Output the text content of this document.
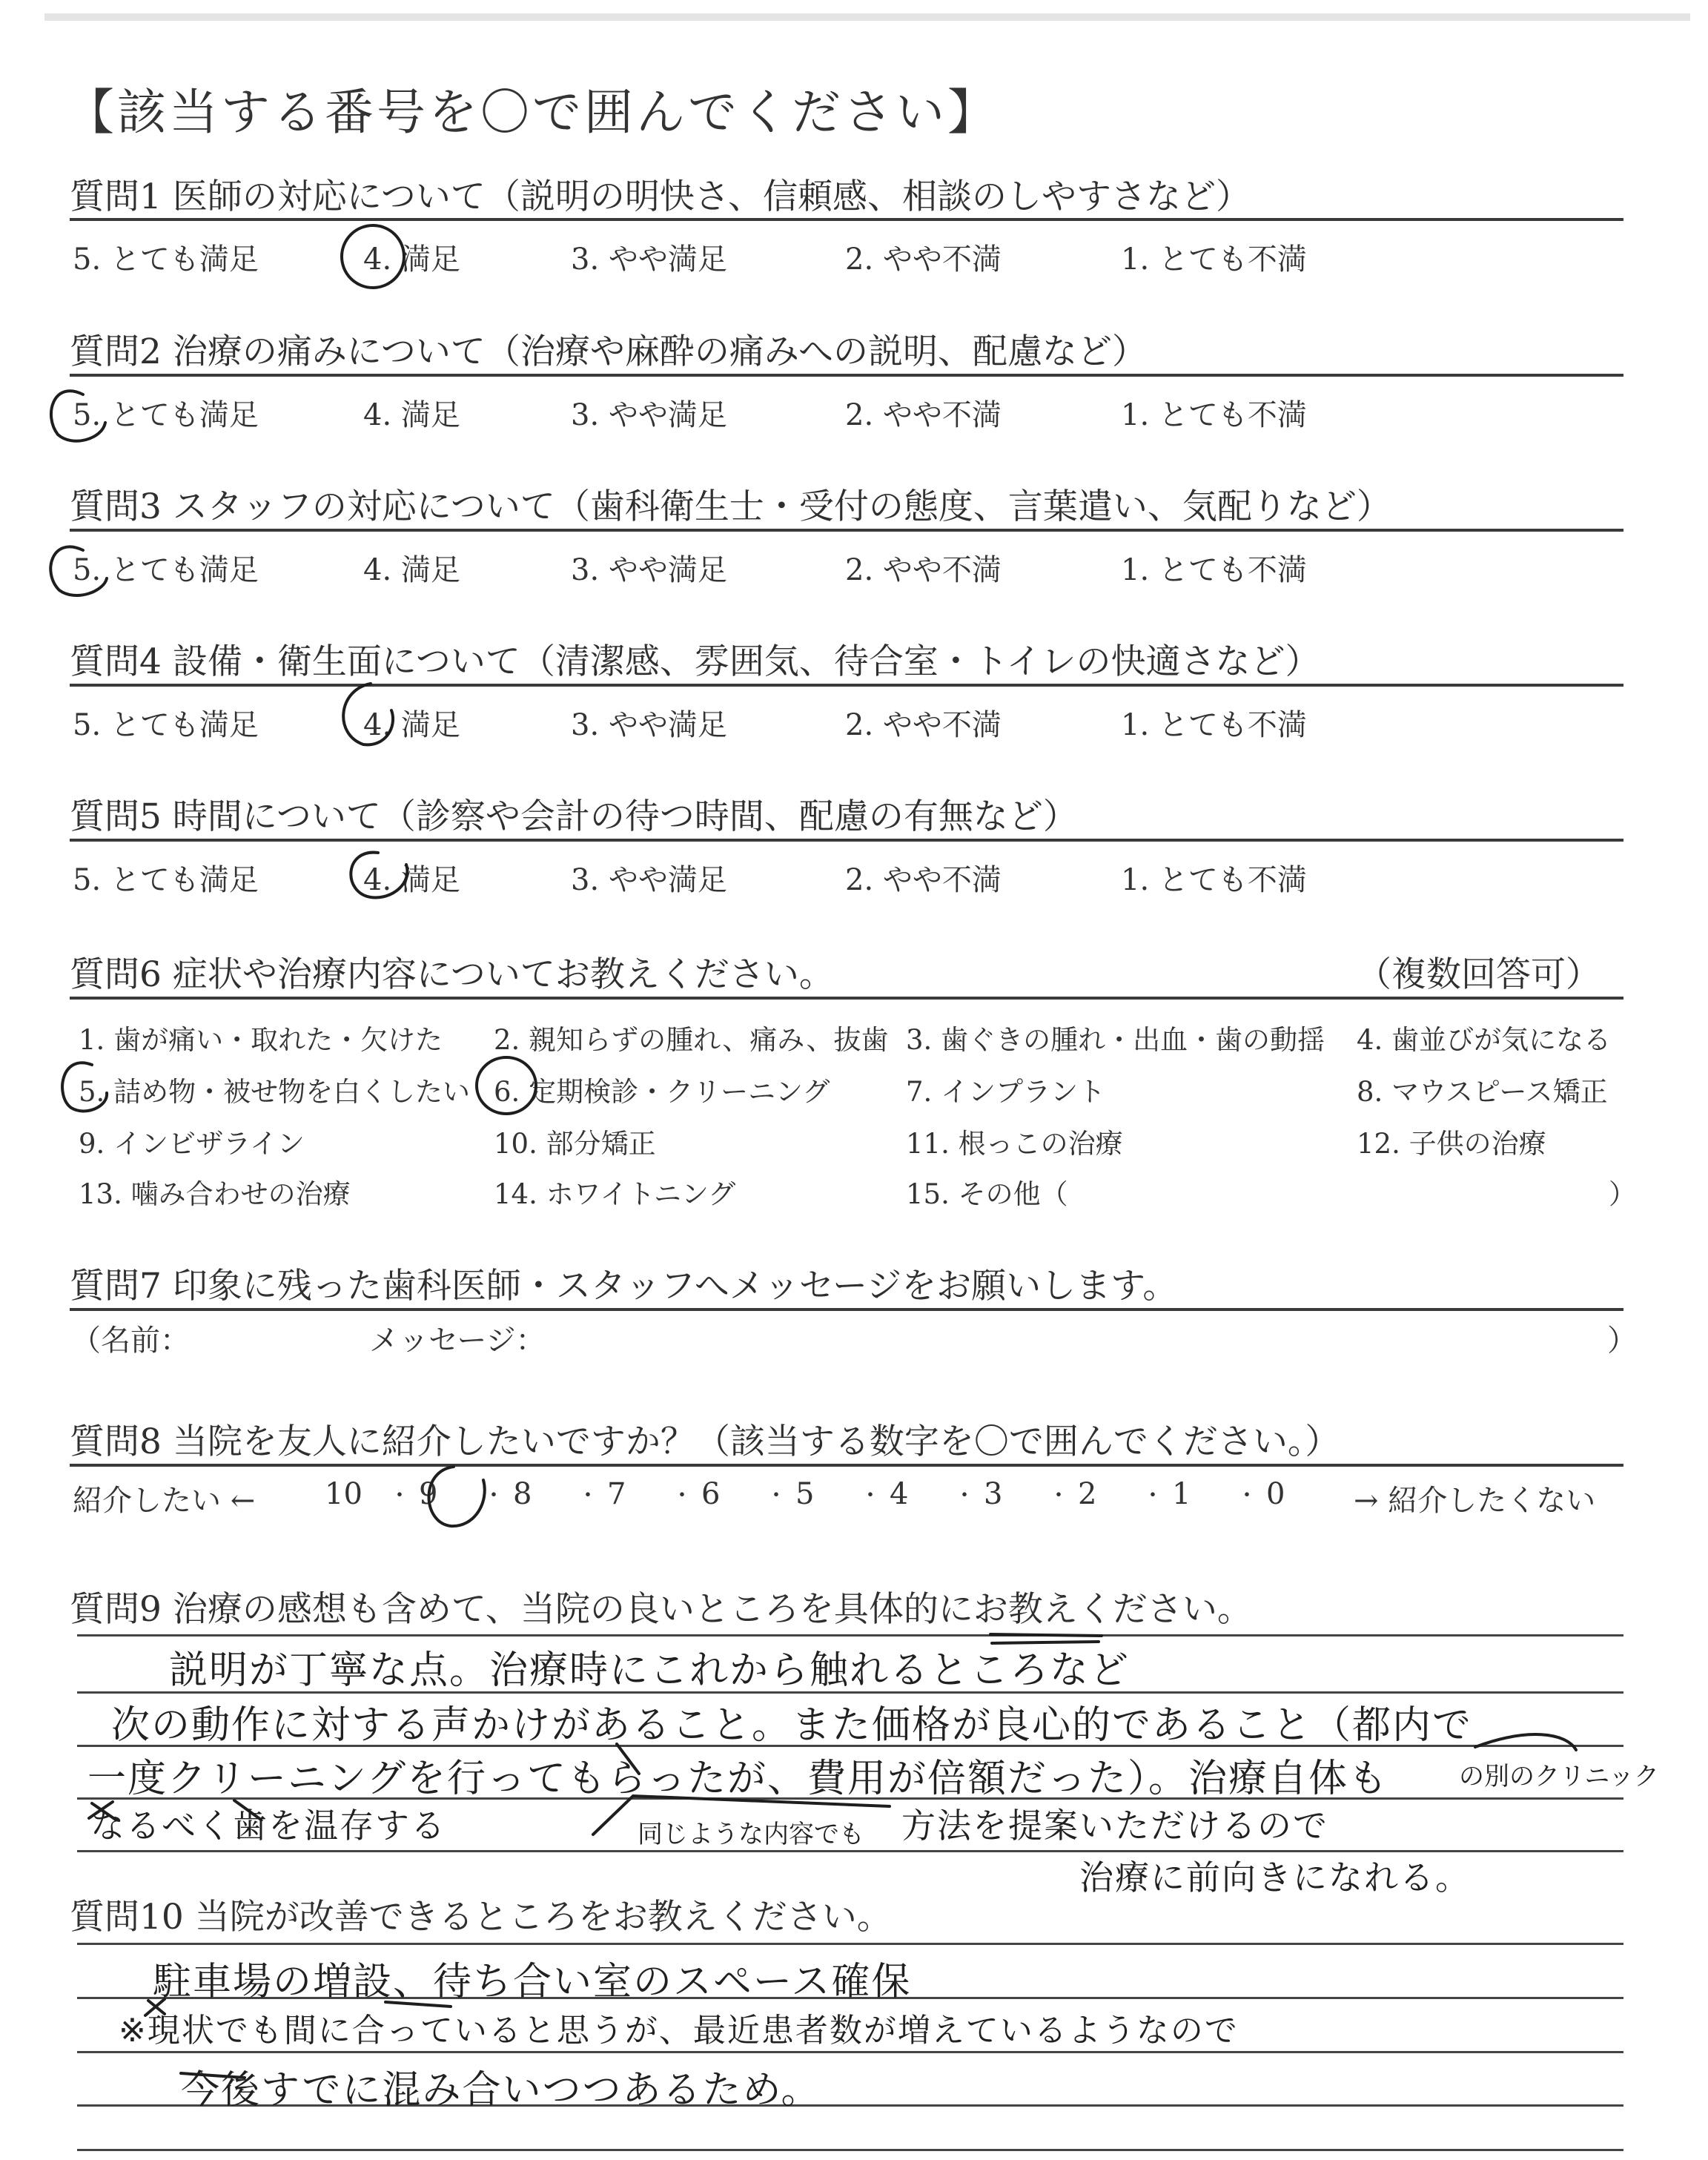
【該当する番号を〇で囲んでください】
質問1 医師の対応について（説明の明快さ、信頼感、相談のしやすさなど）
5. とても満足	4. 満足	3. やや満足	2. やや不満	1. とても不満
質問2 治療の痛みについて（治療や麻酔の痛みへの説明、配慮など）
5. とても満足	4. 満足	3. やや満足	2. やや不満	1. とても不満
質問3 スタッフの対応について（歯科衛生士・受付の態度、言葉遣い、気配りなど）
5. とても満足	4. 満足	3. やや満足	2. やや不満	1. とても不満
質問4 設備・衛生面について（清潔感、雰囲気、待合室・トイレの快適さなど）
5. とても満足	4. 満足	3. やや満足	2. やや不満	1. とても不満
質問5 時間について（診察や会計の待つ時間、配慮の有無など）
5. とても満足	4. 満足	3. やや満足	2. やや不満	1. とても不満
質問6 症状や治療内容についてお教えください。	（複数回答可）
1. 歯が痛い・取れた・欠けた 2. 親知らずの腫れ、痛み、抜歯 3. 歯ぐきの腫れ・出血・歯の動揺 4. 歯並びが気になる
5. 詰め物・被せ物を白くしたい 6. 定期検診・クリーニング	7. インプラント	8. マウスピース矯正
9. インビザライン	10. 部分矯正	11. 根っこの治療	12. 子供の治療
13. 噛み合わせの治療	14. ホワイトニング	15. その他（	）
質問7 印象に残った歯科医師・スタッフへメッセージをお願いします。
（名前：	メッセージ：	）
質問8 当院を友人に紹介したいですか？（該当する数字を〇で囲んでください。）
紹介したい ← 10 ・ 9 ・ 8 ・ 7 ・ 6 ・ 5 ・ 4 ・ 3 ・ 2 ・ 1 ・ 0 → 紹介したくない
質問9 治療の感想も含めて、当院の良いところを具体的にお教えください。
説明が丁寧な点。治療時にこれから触れるところなど
次の動作に対する声かけがあること。また価格が良心的であること（都内で
一度クリーニングを行ってもらったが、費用が倍額だった）。治療自体も
なるべく歯を温存する	方法を提案いただけるので
治療に前向きになれる。
同じような内容でも
の別のクリニック
質問10 当院が改善できるところをお教えください。
駐車場の増設、待ち合い室のスペース確保
※現状でも間に合っていると思うが、最近患者数が増えているようなので
今後すでに混み合いつつあるため。
